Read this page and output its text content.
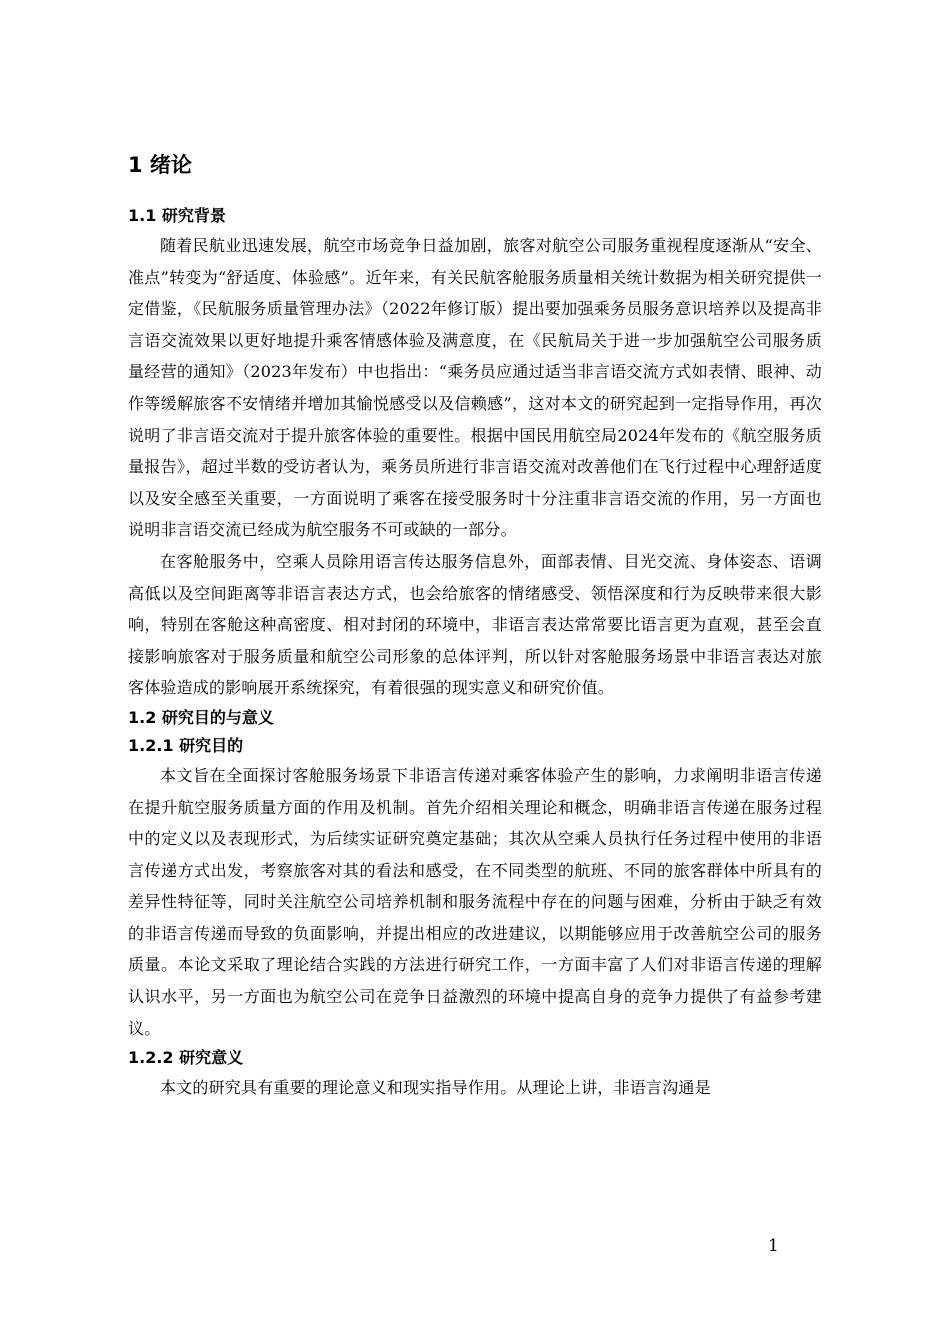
1 绪论
1.1 研究背景

随着民航业迅速发展，航空市场竞争日益加剧，旅客对航空公司服务重视程度逐渐从“安全、准点”转变为“舒适度、体验感”。近年来，有关民航客舱服务质量相关统计数据为相关研究提供一定借鉴，《民航服务质量管理办法》（2022年修订版）提出要加强乘务员服务意识培养以及提高非言语交流效果以更好地提升乘客情感体验及满意度，在《民航局关于进一步加强航空公司服务质量经营的通知》（2023年发布）中也指出：“乘务员应通过适当非言语交流方式如表情、眼神、动作等缓解旅客不安情绪并增加其愉悦感受以及信赖感”，这对本文的研究起到一定指导作用，再次说明了非言语交流对于提升旅客体验的重要性。根据中国民用航空局2024年发布的《航空服务质量报告》，超过半数的受访者认为，乘务员所进行非言语交流对改善他们在飞行过程中心理舒适度以及安全感至关重要，一方面说明了乘客在接受服务时十分注重非言语交流的作用，另一方面也说明非言语交流已经成为航空服务不可或缺的一部分。

在客舱服务中，空乘人员除用语言传达服务信息外，面部表情、目光交流、身体姿态、语调高低以及空间距离等非语言表达方式，也会给旅客的情绪感受、领悟深度和行为反映带来很大影响，特别在客舱这种高密度、相对封闭的环境中，非语言表达常常要比语言更为直观，甚至会直接影响旅客对于服务质量和航空公司形象的总体评判，所以针对客舱服务场景中非语言表达对旅客体验造成的影响展开系统探究，有着很强的现实意义和研究价值。

1.2 研究目的与意义
1.2.1 研究目的

本文旨在全面探讨客舱服务场景下非语言传递对乘客体验产生的影响，力求阐明非语言传递在提升航空服务质量方面的作用及机制。首先介绍相关理论和概念，明确非语言传递在服务过程中的定义以及表现形式，为后续实证研究奠定基础；其次从空乘人员执行任务过程中使用的非语言传递方式出发，考察旅客对其的看法和感受，在不同类型的航班、不同的旅客群体中所具有的差异性特征等，同时关注航空公司培养机制和服务流程中存在的问题与困难，分析由于缺乏有效的非语言传递而导致的负面影响，并提出相应的改进建议，以期能够应用于改善航空公司的服务质量。本论文采取了理论结合实践的方法进行研究工作，一方面丰富了人们对非语言传递的理解认识水平，另一方面也为航空公司在竞争日益激烈的环境中提高自身的竞争力提供了有益参考建议。

1.2.2 研究意义

本文的研究具有重要的理论意义和现实指导作用。从理论上讲，非语言沟通是

1
